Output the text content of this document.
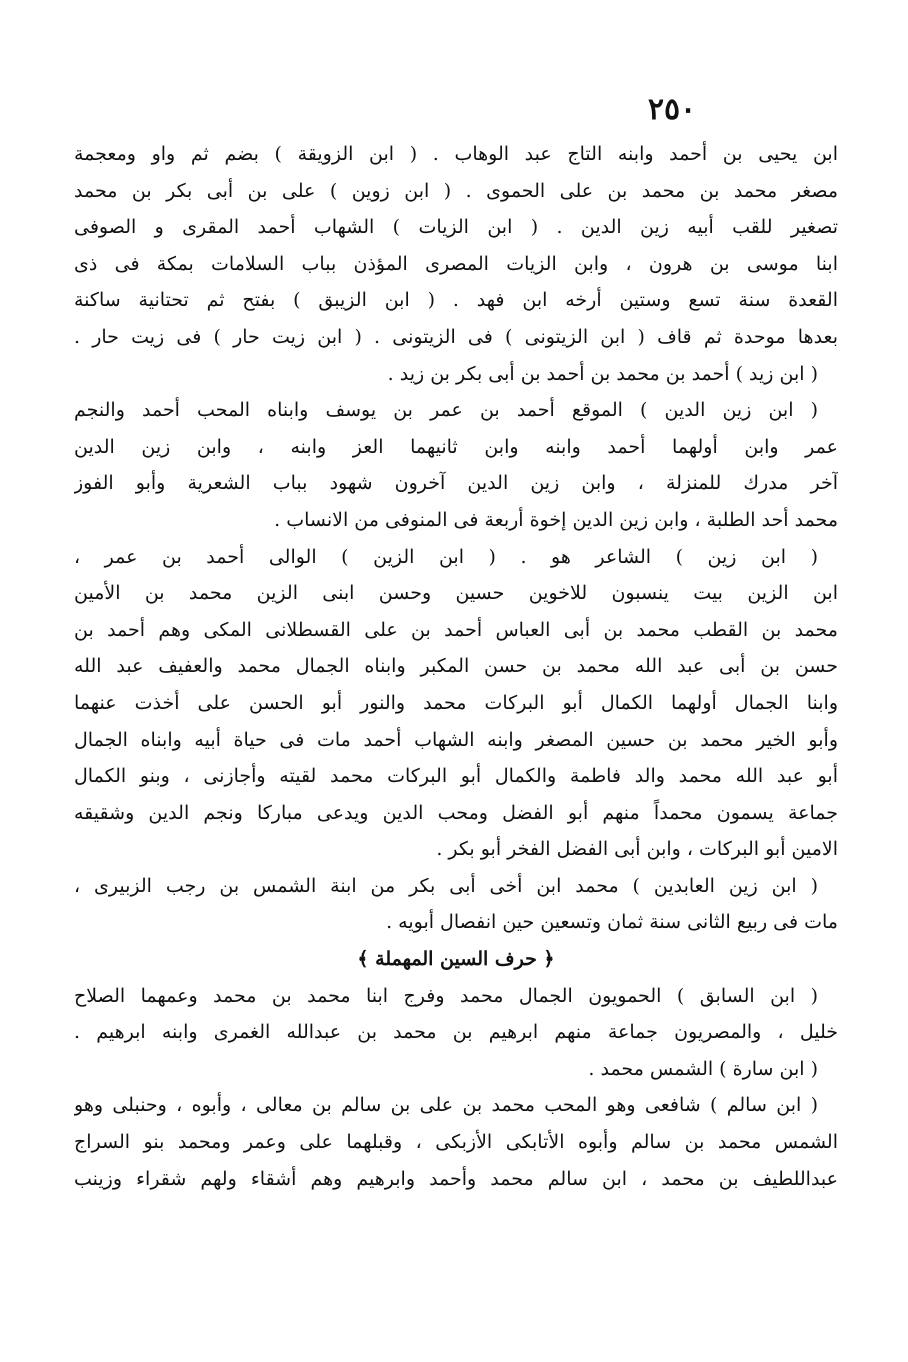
٢٥٠
ابن يحيى بن أحمد وابنه التاج عبد الوهاب . ( ابن الزويقة ) بضم ثم واو ومعجمة
مصغر محمد بن محمد بن على الحموى . ( ابن زوين ) على بن أبى بكر بن محمد
تصغير للقب أبيه زين الدين . ( ابن الزيات ) الشهاب أحمد المقرى و الصوفى
ابنا موسى بن هرون ، وابن الزيات المصرى المؤذن بباب السلامات بمكة فى ذى
القعدة سنة تسع وستين أرخه ابن فهد . ( ابن الزيبق ) بفتح ثم تحتانية ساكنة
بعدها موحدة ثم قاف ( ابن الزيتونى ) فى الزيتونى . ( ابن زيت حار ) فى زيت حار .
( ابن زيد ) أحمد بن محمد بن أحمد بن أبى بكر بن زيد .
( ابن زين الدين ) الموقع أحمد بن عمر بن يوسف وابناه المحب أحمد والنجم
عمر وابن أولهما أحمد وابنه وابن ثانيهما العز وابنه ، وابن زين الدين
آخر مدرك للمنزلة ، وابن زين الدين آخرون شهود بباب الشعرية وأبو الفوز
محمد أحد الطلبة ، وابن زين الدين إخوة أربعة فى المنوفى من الانساب .
( ابن زين ) الشاعر هو . ( ابن الزين ) الوالى أحمد بن عمر ،
ابن الزين بيت ينسبون للاخوين حسين وحسن ابنى الزين محمد بن الأمين
محمد بن القطب محمد بن أبى العباس أحمد بن على القسطلانى المكى وهم أحمد بن
حسن بن أبى عبد الله محمد بن حسن المكبر وابناه الجمال محمد والعفيف عبد الله
وابنا الجمال أولهما الكمال أبو البركات محمد والنور أبو الحسن على أخذت عنهما
وأبو الخير محمد بن حسين المصغر وابنه الشهاب أحمد مات فى حياة أبيه وابناه الجمال
أبو عبد الله محمد والد فاطمة والكمال أبو البركات محمد لقيته وأجازنى ، وبنو الكمال
جماعة يسمون محمداً منهم أبو الفضل ومحب الدين ويدعى مباركا ونجم الدين وشقيقه
الامين أبو البركات ، وابن أبى الفضل الفخر أبو بكر .
( ابن زين العابدين ) محمد ابن أخى أبى بكر من ابنة الشمس بن رجب الزبيرى ،
مات فى ربيع الثانى سنة ثمان وتسعين حين انفصال أبويه .
﴿ حرف السين المهملة ﴾
( ابن السابق ) الحمويون الجمال محمد وفرج ابنا محمد بن محمد وعمهما الصلاح
خليل ، والمصريون جماعة منهم ابرهيم بن محمد بن عبدالله الغمرى وابنه ابرهيم .
( ابن سارة ) الشمس محمد .
( ابن سالم ) شافعى وهو المحب محمد بن على بن سالم بن معالى ، وأبوه ، وحنبلى وهو
الشمس محمد بن سالم وأبوه الأتابكى الأزبكى ، وقبلهما على وعمر ومحمد بنو السراج
عبداللطيف بن محمد ، ابن سالم محمد وأحمد وابرهيم وهم أشقاء ولهم شقراء وزينب
